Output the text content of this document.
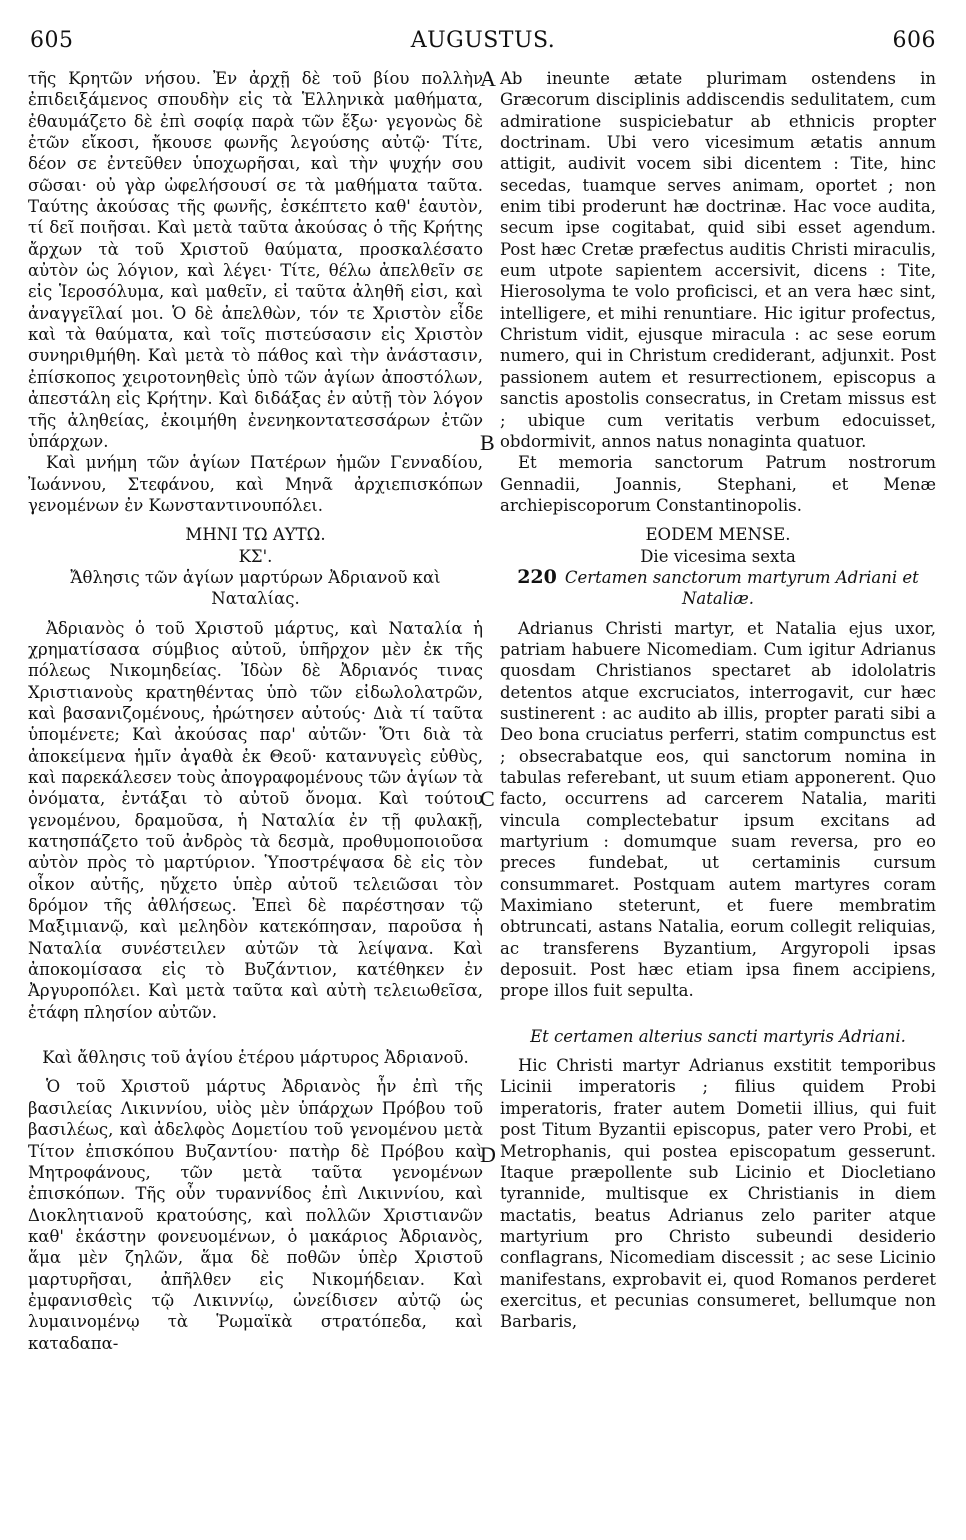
605	AUGUSTUS.	606
A
B
C
D

τῆς Κρητῶν νήσου. Ἐν ἀρχῇ δὲ τοῦ βίου πολλὴν ἐπιδειξάμενος σπουδὴν εἰς τὰ Ἑλληνικὰ μαθήματα, ἐθαυμάζετο δὲ ἐπὶ σοφίᾳ παρὰ τῶν ἔξω· γεγονὼς δὲ ἐτῶν εἴκοσι, ἤκουσε φωνῆς λεγούσης αὐτῷ· Τίτε, δέον σε ἐντεῦθεν ὑποχωρῆσαι, καὶ τὴν ψυχήν σου σῶσαι· οὐ γὰρ ὠφελήσουσί σε τὰ μαθήματα ταῦτα. Ταύτης ἀκούσας τῆς φωνῆς, ἐσκέπτετο καθ' ἑαυτὸν, τί δεῖ ποιῆσαι. Καὶ μετὰ ταῦτα ἀκούσας ὁ τῆς Κρήτης ἄρχων τὰ τοῦ Χριστοῦ θαύματα, προσκαλέσατο αὐτὸν ὡς λόγιον, καὶ λέγει· Τίτε, θέλω ἀπελθεῖν σε εἰς Ἱεροσόλυμα, καὶ μαθεῖν, εἰ ταῦτα ἀληθῆ εἰσι, καὶ ἀναγγεῖλαί μοι. Ὁ δὲ ἀπελθὼν, τόν τε Χριστὸν εἶδε καὶ τὰ θαύματα, καὶ τοῖς πιστεύσασιν εἰς Χριστὸν συνηριθμήθη. Καὶ μετὰ τὸ πάθος καὶ τὴν ἀνάστασιν, ἐπίσκοπος χειροτονηθεὶς ὑπὸ τῶν ἁγίων ἀποστόλων, ἀπεστάλη εἰς Κρήτην. Καὶ διδάξας ἐν αὐτῇ τὸν λόγον τῆς ἀληθείας, ἐκοιμήθη ἐνενηκοντατεσσάρων ἐτῶν ὑπάρχων.

Καὶ μνήμη τῶν ἁγίων Πατέρων ἡμῶν Γενναδίου, Ἰωάννου, Στεφάνου, καὶ Μηνᾶ ἀρχιεπισκόπων γενομένων ἐν Κωνσταντινουπόλει.

ΜΗΝΙ ΤΩ ΑΥΤΩ.

ΚΣ'.

Ἄθλησις τῶν ἁγίων μαρτύρων Ἀδριανοῦ καὶ Ναταλίας.

Ἀδριανὸς ὁ τοῦ Χριστοῦ μάρτυς, καὶ Ναταλία ἡ χρηματίσασα σύμβιος αὐτοῦ, ὑπῆρχον μὲν ἐκ τῆς πόλεως Νικομηδείας. Ἰδὼν δὲ Ἀδριανός τινας Χριστιανοὺς κρατηθέντας ὑπὸ τῶν εἰδωλολατρῶν, καὶ βασανιζομένους, ἠρώτησεν αὐτούς· Διὰ τί ταῦτα ὑπομένετε; Καὶ ἀκούσας παρ' αὐτῶν· Ὅτι διὰ τὰ ἀποκείμενα ἡμῖν ἀγαθὰ ἐκ Θεοῦ· κατανυγεὶς εὐθὺς, καὶ παρεκάλεσεν τοὺς ἀπογραφομένους τῶν ἁγίων τὰ ὀνόματα, ἐντάξαι τὸ αὐτοῦ ὄνομα. Καὶ τούτου γενομένου, δραμοῦσα, ἡ Ναταλία ἐν τῇ φυλακῇ, κατησπάζετο τοῦ ἀνδρὸς τὰ δεσμὰ, προθυμοποιοῦσα αὐτὸν πρὸς τὸ μαρτύριον. Ὑποστρέψασα δὲ εἰς τὸν οἶκον αὐτῆς, ηὔχετο ὑπὲρ αὐτοῦ τελειῶσαι τὸν δρόμον τῆς ἀθλήσεως. Ἐπεὶ δὲ παρέστησαν τῷ Μαξιμιανῷ, καὶ μεληδὸν κατεκόπησαν, παροῦσα ἡ Ναταλία συνέστειλεν αὐτῶν τὰ λείψανα. Καὶ ἀποκομίσασα εἰς τὸ Βυζάντιον, κατέθηκεν ἐν Ἀργυροπόλει. Καὶ μετὰ ταῦτα καὶ αὐτὴ τελειωθεῖσα, ἐτάφη πλησίον αὐτῶν.

Καὶ ἄθλησις τοῦ ἁγίου ἑτέρου μάρτυρος Ἀδριανοῦ.

Ὁ τοῦ Χριστοῦ μάρτυς Ἀδριανὸς ἦν ἐπὶ τῆς βασιλείας Λικιννίου, υἱὸς μὲν ὑπάρχων Πρόβου τοῦ βασιλέως, καὶ ἀδελφὸς Δομετίου τοῦ γενομένου μετὰ Τίτον ἐπισκόπου Βυζαντίου· πατὴρ δὲ Πρόβου καὶ Μητροφάνους, τῶν μετὰ ταῦτα γενομένων ἐπισκόπων. Τῆς οὖν τυραννίδος ἐπὶ Λικιννίου, καὶ Διοκλητιανοῦ κρατούσης, καὶ πολλῶν Χριστιανῶν καθ' ἑκάστην φονευομένων, ὁ μακάριος Ἀδριανὸς, ἅμα μὲν ζηλῶν, ἅμα δὲ ποθῶν ὑπὲρ Χριστοῦ μαρτυρῆσαι, ἀπῆλθεν εἰς Νικομήδειαν. Καὶ ἐμφανισθεὶς τῷ Λικιννίῳ, ὠνείδισεν αὐτῷ ὡς λυμαινομένῳ τὰ Ῥωμαϊκὰ στρατόπεδα, καὶ καταδαπα-

Ab ineunte ætate plurimam ostendens in Græcorum disciplinis addiscendis sedulitatem, cum admiratione suspiciebatur ab ethnicis propter doctrinam. Ubi vero vicesimum ætatis annum attigit, audivit vocem sibi dicentem : Tite, hinc secedas, tuamque serves animam, oportet ; non enim tibi proderunt hæ doctrinæ. Hac voce audita, secum ipse cogitabat, quid sibi esset agendum. Post hæc Cretæ præfectus auditis Christi miraculis, eum utpote sapientem accersivit, dicens : Tite, Hierosolyma te volo proficisci, et an vera hæc sint, intelligere, et mihi renuntiare. Hic igitur profectus, Christum vidit, ejusque miracula : ac sese eorum numero, qui in Christum crediderant, adjunxit. Post passionem autem et resurrectionem, episcopus a sanctis apostolis consecratus, in Cretam missus est ; ubique cum veritatis verbum edocuisset, obdormivit, annos natus nonaginta quatuor.

Et memoria sanctorum Patrum nostrorum Gennadii, Joannis, Stephani, et Menæ archiepiscoporum Constantinopolis.

EODEM MENSE.

Die vicesima sexta

220 Certamen sanctorum martyrum Adriani et Nataliæ.

Adrianus Christi martyr, et Natalia ejus uxor, patriam habuere Nicomediam. Cum igitur Adrianus quosdam Christianos spectaret ab idololatris detentos atque excruciatos, interrogavit, cur hæc sustinerent : ac audito ab illis, propter parati sibi a Deo bona cruciatus perferri, statim compunctus est ; obsecrabatque eos, qui sanctorum nomina in tabulas referebant, ut suum etiam apponerent. Quo facto, occurrens ad carcerem Natalia, mariti vincula complectebatur ipsum excitans ad martyrium : domumque suam reversa, pro eo preces fundebat, ut certaminis cursum consummaret. Postquam autem martyres coram Maximiano steterunt, et fuere membratim obtruncati, astans Natalia, eorum collegit reliquias, ac transferens Byzantium, Argyropoli ipsas deposuit. Post hæc etiam ipsa finem accipiens, prope illos fuit sepulta.

Et certamen alterius sancti martyris Adriani.

Hic Christi martyr Adrianus exstitit temporibus Licinii imperatoris ; filius quidem Probi imperatoris, frater autem Dometii illius, qui fuit post Titum Byzantii episcopus, pater vero Probi, et Metrophanis, qui postea episcopatum gesserunt. Itaque præpollente sub Licinio et Diocletiano tyrannide, multisque ex Christianis in diem mactatis, beatus Adrianus zelo pariter atque martyrium pro Christo subeundi desiderio conflagrans, Nicomediam discessit ; ac sese Licinio manifestans, exprobavit ei, quod Romanos perderet exercitus, et pecunias consumeret, bellumque non Barbaris,
